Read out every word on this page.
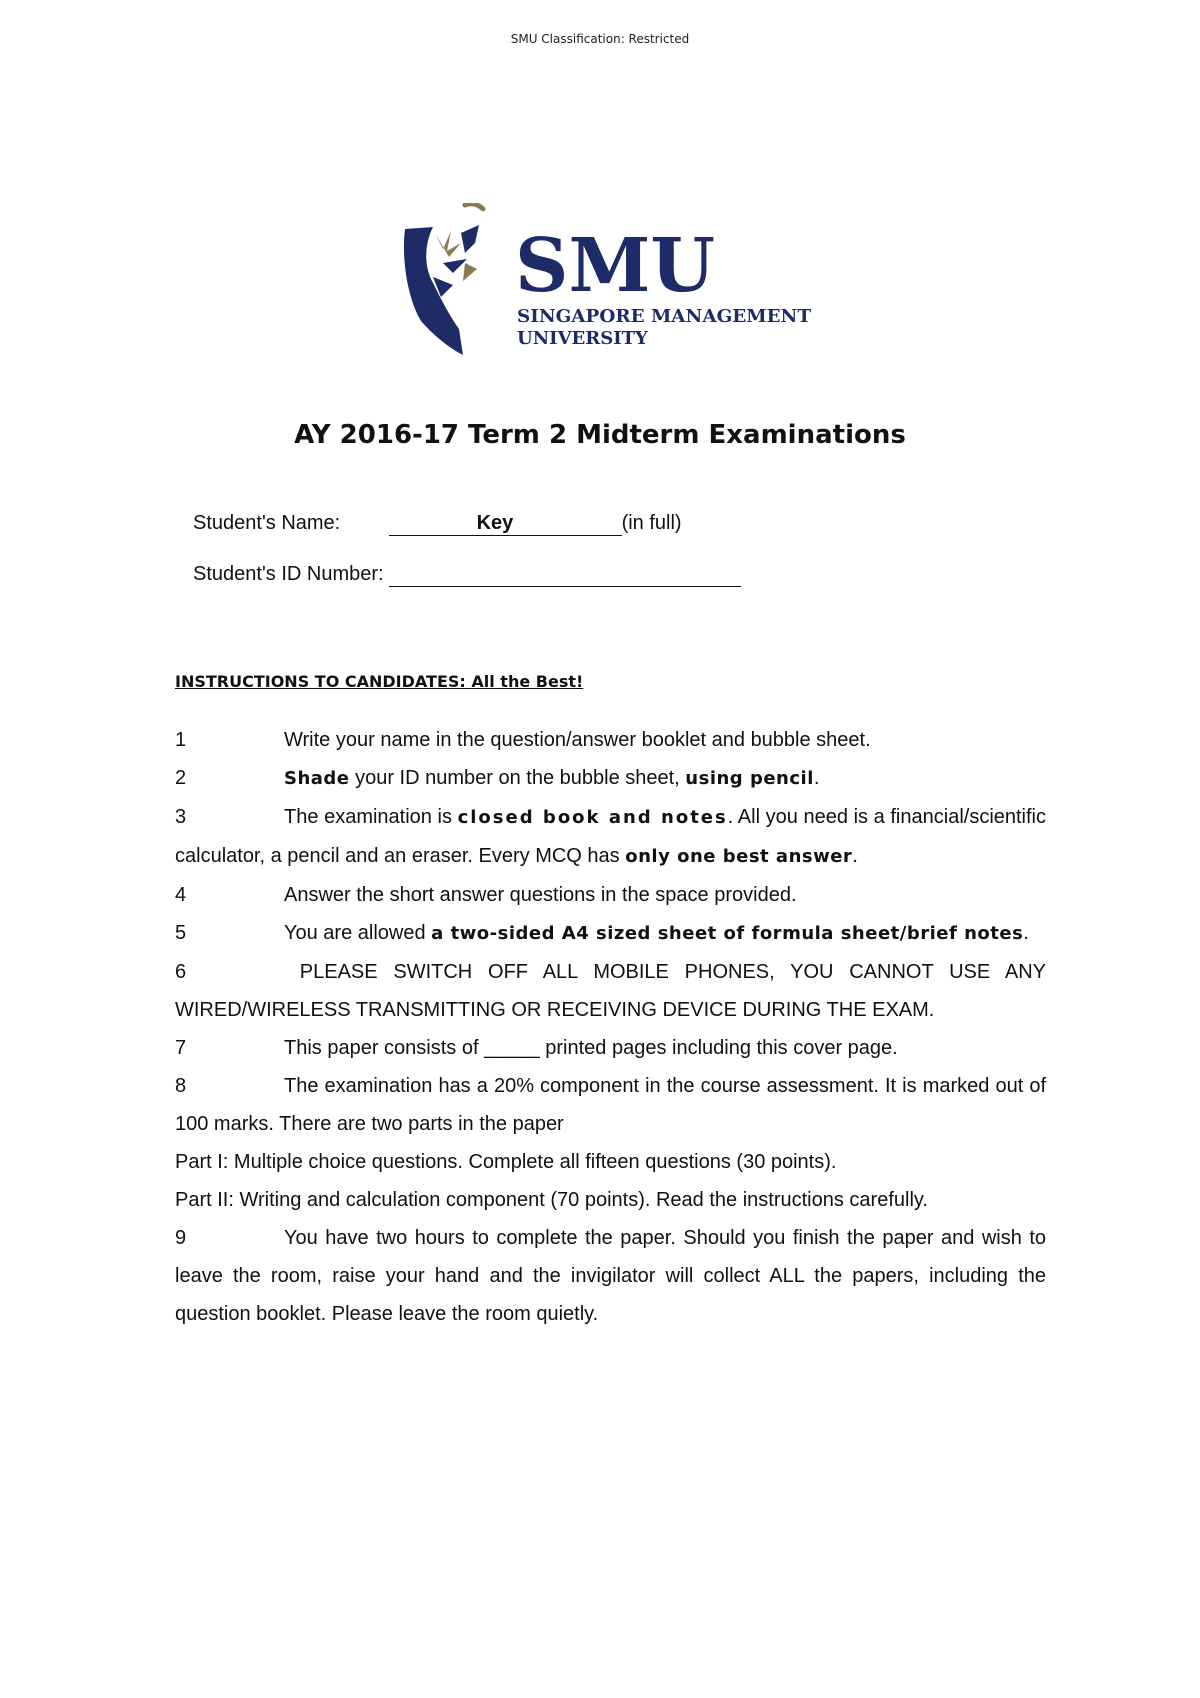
SMU Classification: Restricted
SMU
SINGAPORE MANAGEMENT
UNIVERSITY
AY 2016-17 Term 2 Midterm Examinations
Student's Name:	Key	(in full)
Student's ID Number:
INSTRUCTIONS TO CANDIDATES: All the Best!

1	Write your name in the question/answer booklet and bubble sheet.

2	Shade your ID number on the bubble sheet, using pencil.

3	The examination is closed book and notes. All you need is a financial/scientific calculator, a pencil and an eraser. Every MCQ has only one best answer.

4	Answer the short answer questions in the space provided.

5	You are allowed a two-sided A4 sized sheet of formula sheet/brief notes.

6	PLEASE SWITCH OFF ALL MOBILE PHONES, YOU CANNOT USE ANY WIRED/WIRELESS TRANSMITTING OR RECEIVING DEVICE DURING THE EXAM.

7	This paper consists of _____ printed pages including this cover page.

8	The examination has a 20% component in the course assessment. It is marked out of 100 marks. There are two parts in the paper

Part I: Multiple choice questions. Complete all fifteen questions (30 points).

Part II: Writing and calculation component (70 points). Read the instructions carefully.

9	You have two hours to complete the paper. Should you finish the paper and wish to leave the room, raise your hand and the invigilator will collect ALL the papers, including the question booklet. Please leave the room quietly.
